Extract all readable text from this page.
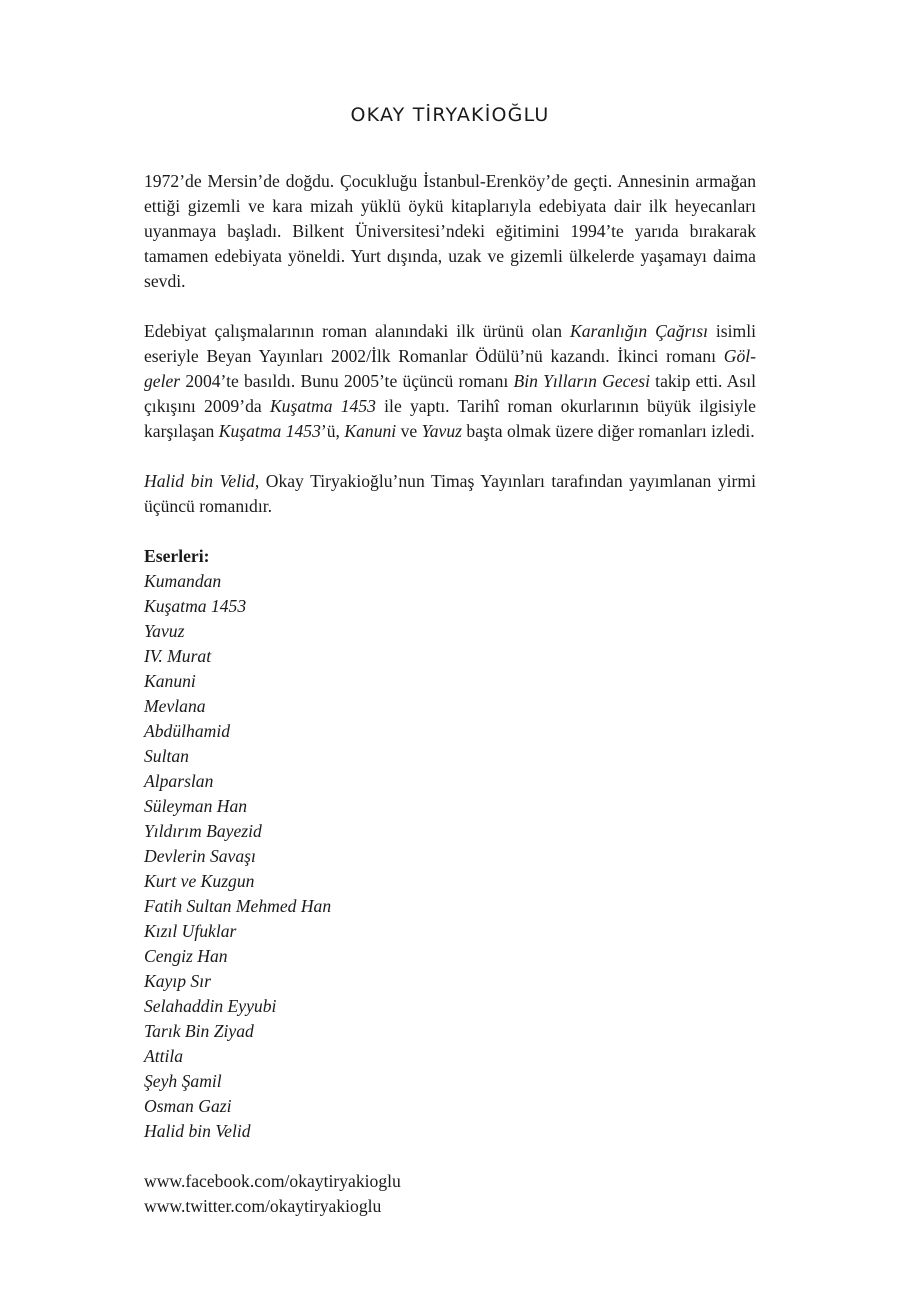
OKAY TİRYAKİOĞLU

1972’de Mersin’de doğdu. Çocukluğu İstanbul-Erenköy’de geçti. Annesinin armağan ettiği gizemli ve kara mizah yüklü öykü kitaplarıyla edebiyata dair ilk heyecanları uyanmaya başladı. Bilkent Üniversitesi’ndeki eğitimini 1994’te yarıda bırakarak tamamen edebiyata yöneldi. Yurt dışında, uzak ve gizemli ülkelerde yaşamayı daima sevdi.

Edebiyat çalışmalarının roman alanındaki ilk ürünü olan Karanlığın Çağrısı isimli eseriyle Beyan Yayınları 2002/İlk Romanlar Ödülü’nü kazandı. İkinci romanı Gölgeler 2004’te basıldı. Bunu 2005’te üçüncü romanı Bin Yılların Gecesi takip etti. Asıl çıkışını 2009’da Kuşatma 1453 ile yaptı. Tarihî roman okurlarının büyük ilgisiyle karşılaşan Kuşatma 1453’ü, Kanuni ve Yavuz başta olmak üzere diğer romanları izledi.

Halid bin Velid, Okay Tiryakioğlu’nun Timaş Yayınları tarafından yayımlanan yirmi üçüncü romanıdır.

Eserleri:

Kumandan
Kuşatma 1453
Yavuz
IV. Murat
Kanuni
Mevlana
Abdülhamid
Sultan
Alparslan
Süleyman Han
Yıldırım Bayezid
Devlerin Savaşı
Kurt ve Kuzgun
Fatih Sultan Mehmed Han
Kızıl Ufuklar
Cengiz Han
Kayıp Sır
Selahaddin Eyyubi
Tarık Bin Ziyad
Attila
Şeyh Şamil
Osman Gazi
Halid bin Velid
www.facebook.com/okaytiryakioglu
www.twitter.com/okaytiryakioglu
